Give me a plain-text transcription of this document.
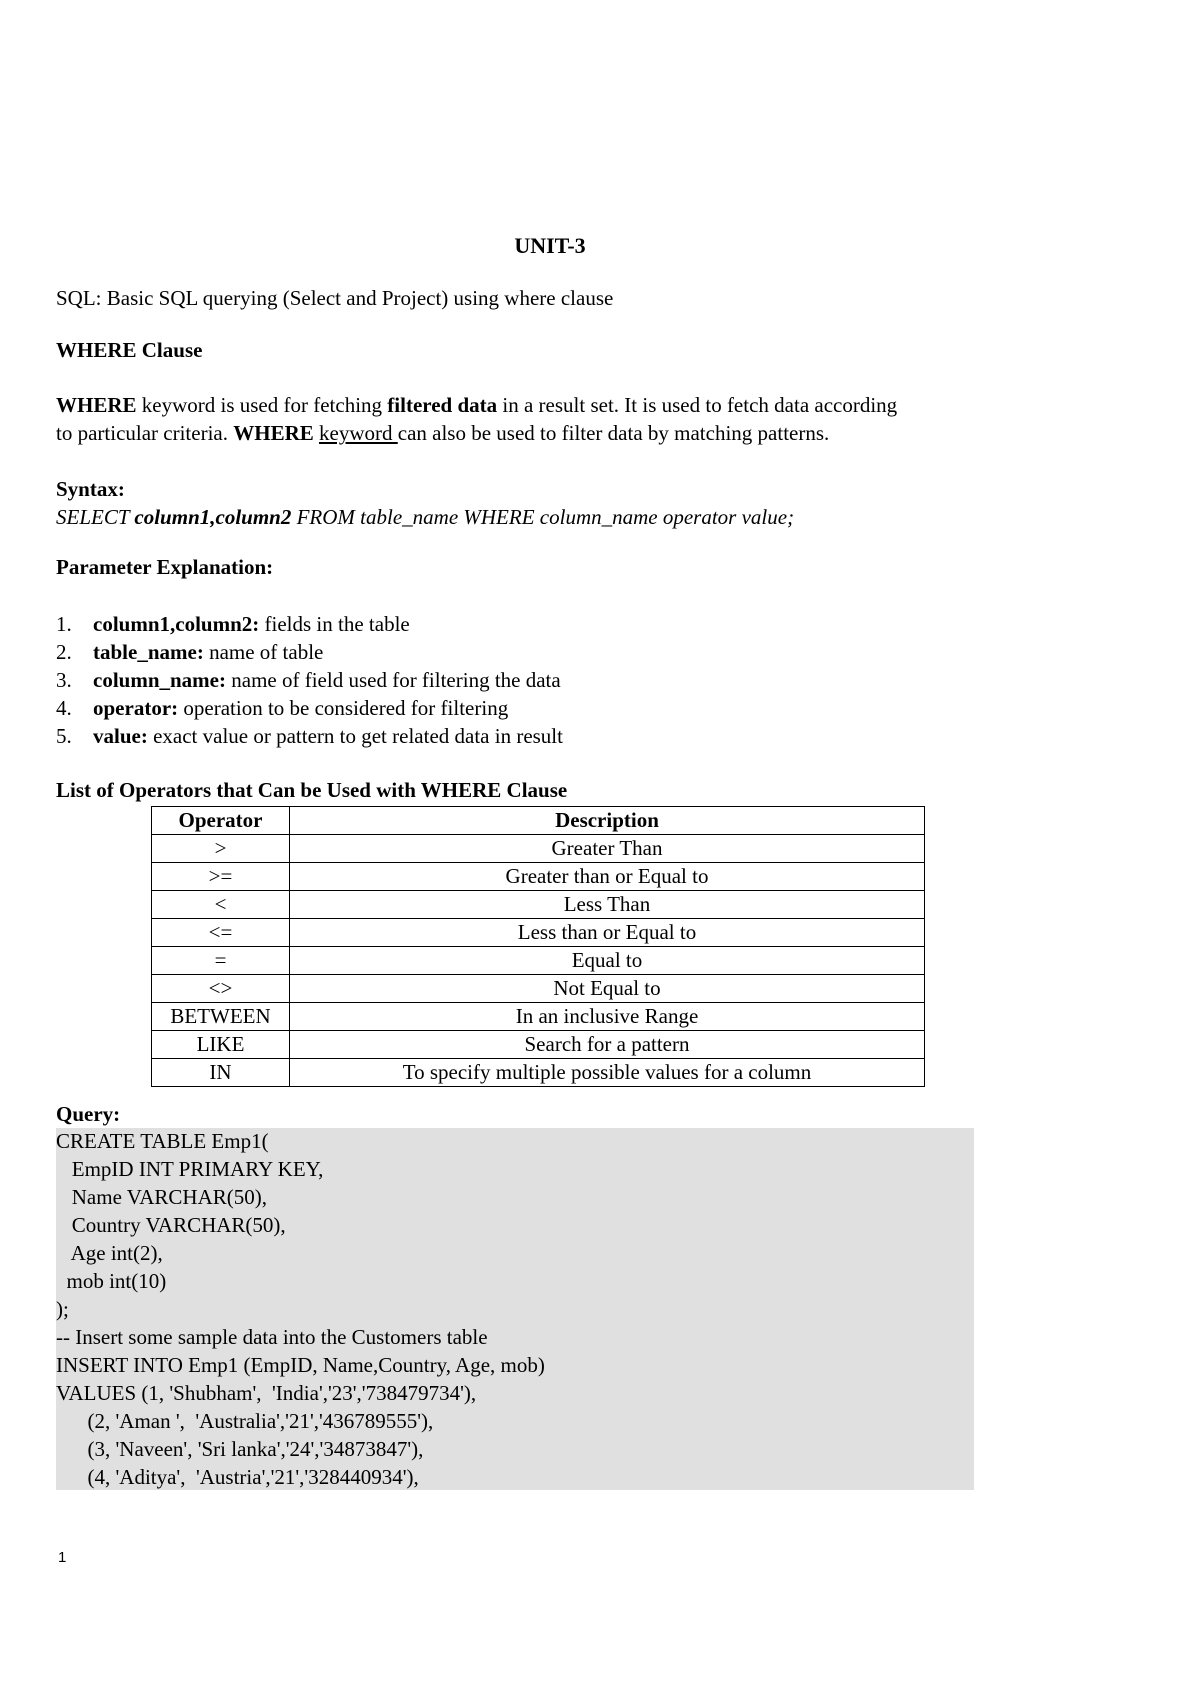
UNIT-3
SQL: Basic SQL querying (Select and Project) using where clause
WHERE Clause
WHERE keyword is used for fetching filtered data in a result set. It is used to fetch data according
to particular criteria. WHERE keyword can also be used to filter data by matching patterns.
Syntax:
SELECT column1,column2 FROM table_name WHERE column_name operator value;
Parameter Explanation:
1. column1,column2: fields in the table
2. table_name: name of table
3. column_name: name of field used for filtering the data
4. operator: operation to be considered for filtering
5. value: exact value or pattern to get related data in result
List of Operators that Can be Used with WHERE Clause
Operator	Description
>	Greater Than
>=	Greater than or Equal to
<	Less Than
<=	Less than or Equal to
=	Equal to
<>	Not Equal to
BETWEEN	In an inclusive Range
LIKE	Search for a pattern
IN	To specify multiple possible values for a column
Query:
CREATE TABLE Emp1(
EmpID INT PRIMARY KEY,
Name VARCHAR(50),
Country VARCHAR(50),
Age int(2),
mob int(10)
);
-- Insert some sample data into the Customers table
INSERT INTO Emp1 (EmpID, Name,Country, Age, mob)
VALUES (1, 'Shubham',  'India','23','738479734'),
(2, 'Aman ',  'Australia','21','436789555'),
(3, 'Naveen', 'Sri lanka','24','34873847'),
(4, 'Aditya',  'Austria','21','328440934'),
1
